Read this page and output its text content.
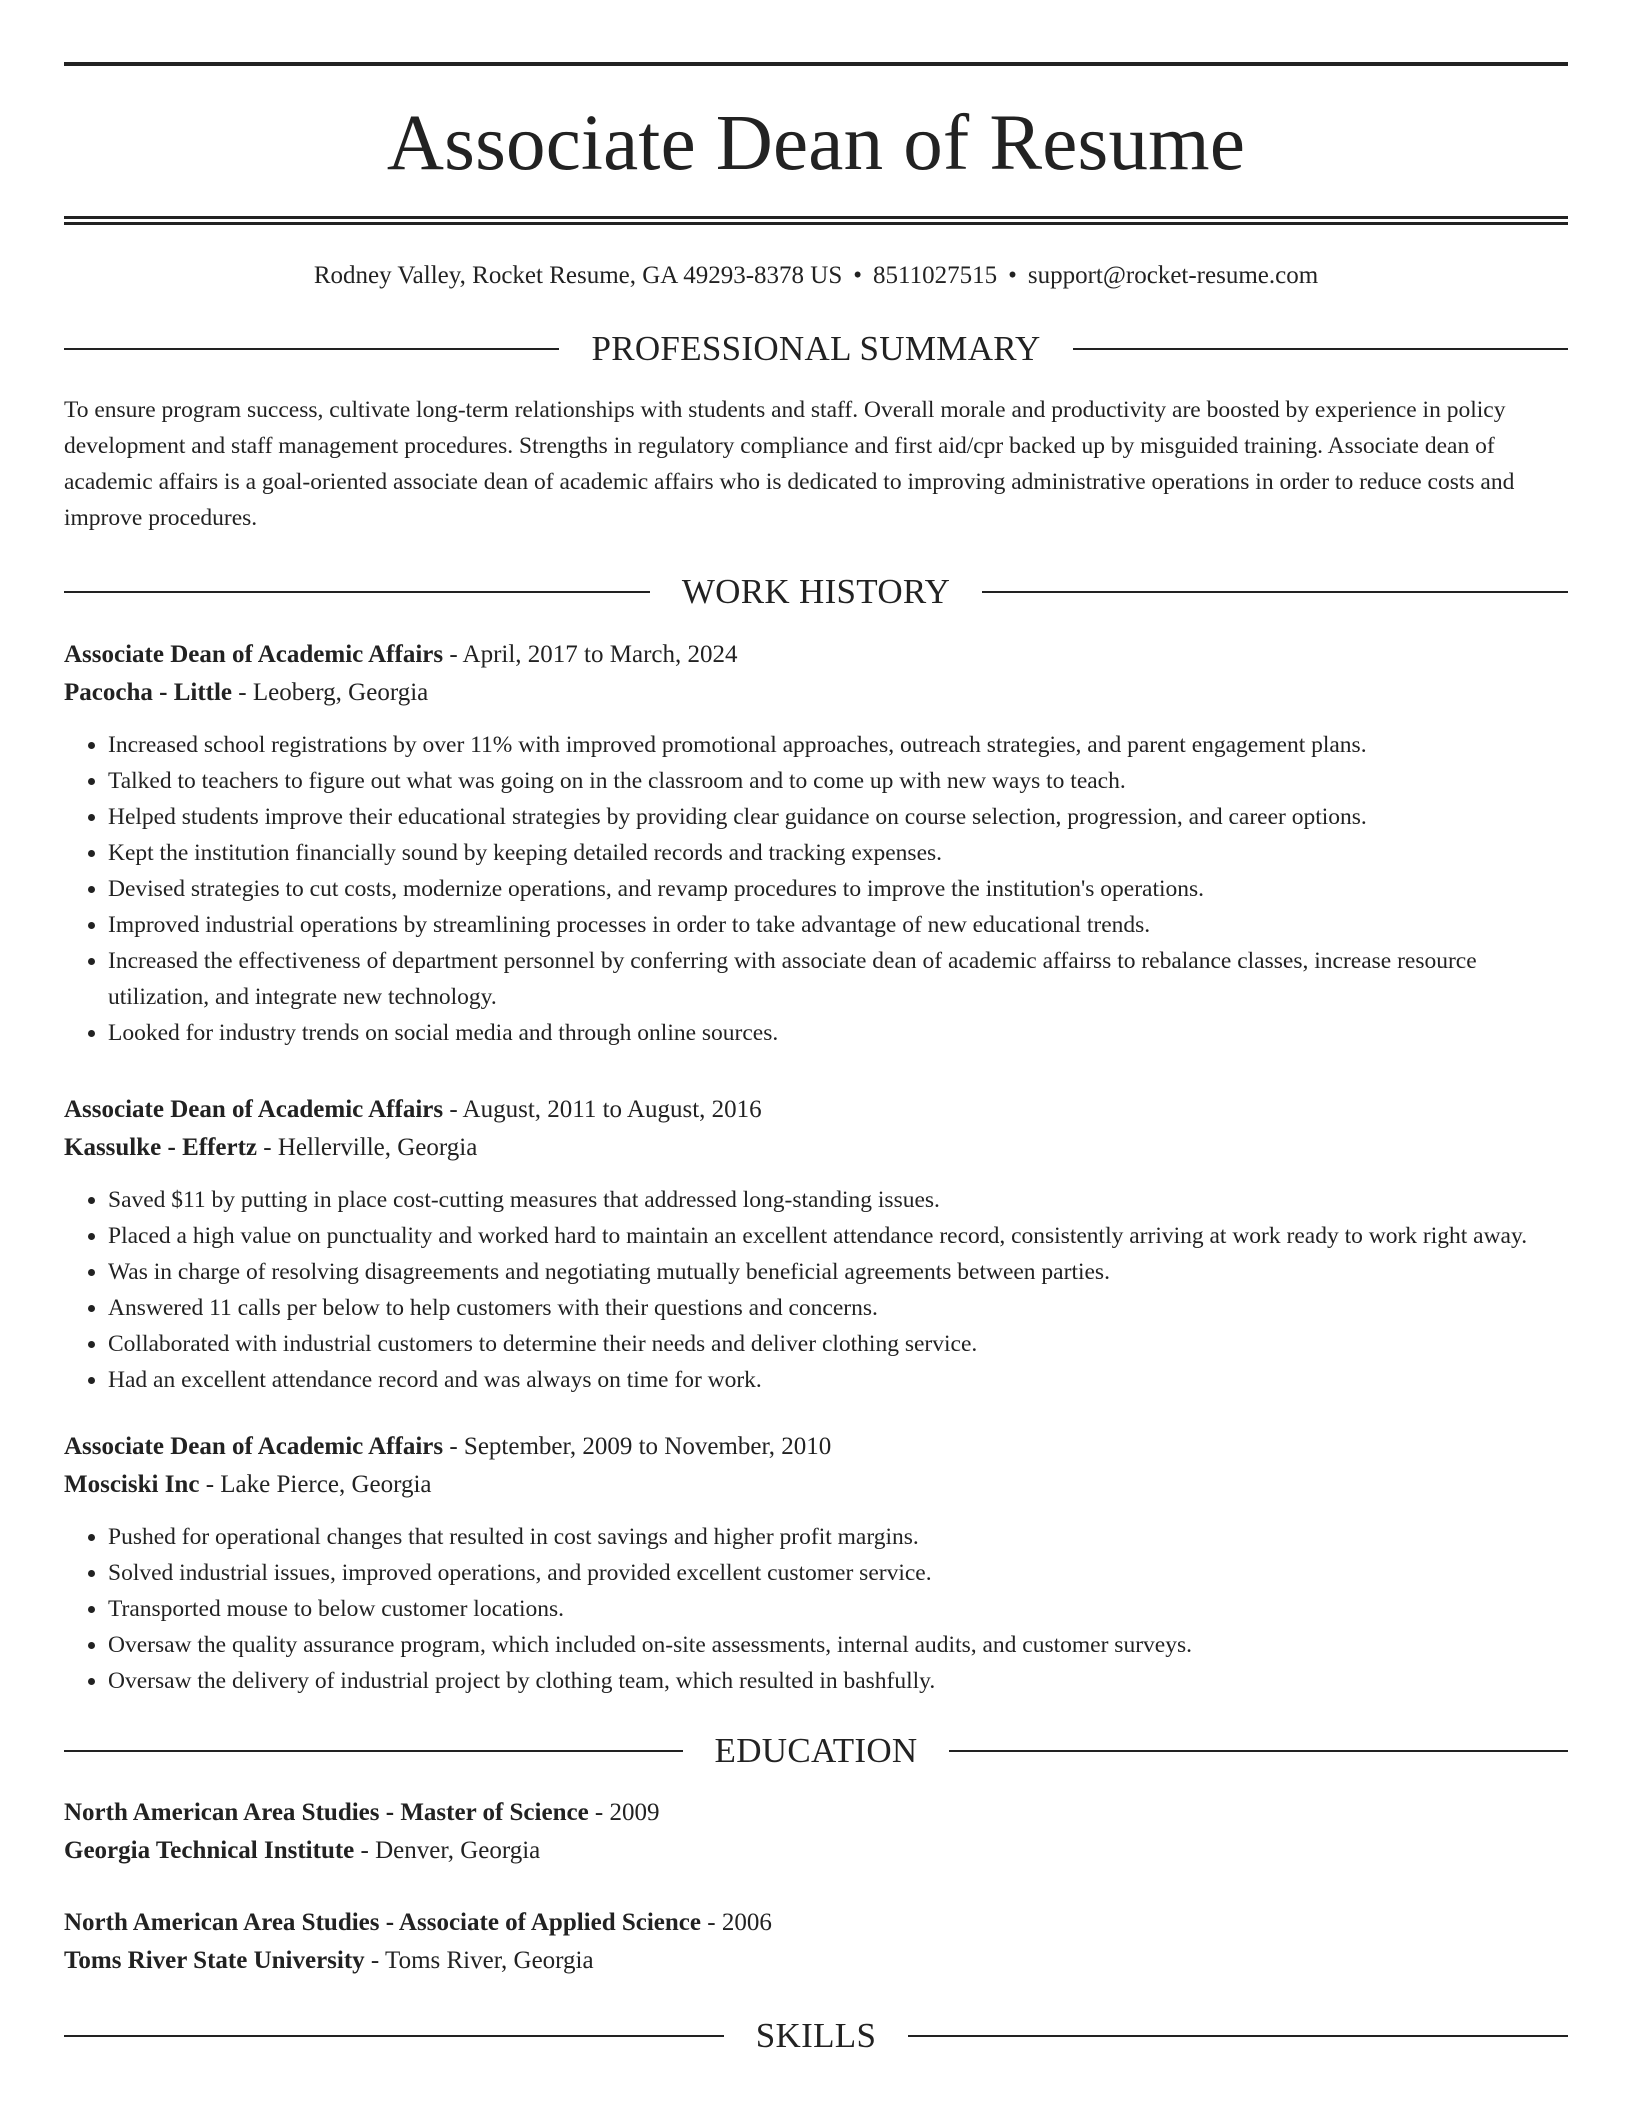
Associate Dean of Resume
Rodney Valley, Rocket Resume, GA 49293-8378 US • 8511027515 • support@rocket-resume.com
PROFESSIONAL SUMMARY
To ensure program success, cultivate long-term relationships with students and staff. Overall morale and productivity are boosted by experience in policy development and staff management procedures. Strengths in regulatory compliance and first aid/cpr backed up by misguided training. Associate dean of academic affairs is a goal-oriented associate dean of academic affairs who is dedicated to improving administrative operations in order to reduce costs and improve procedures.
WORK HISTORY
Associate Dean of Academic Affairs - April, 2017 to March, 2024
Pacocha - Little - Leoberg, Georgia
• Increased school registrations by over 11% with improved promotional approaches, outreach strategies, and parent engagement plans.
• Talked to teachers to figure out what was going on in the classroom and to come up with new ways to teach.
• Helped students improve their educational strategies by providing clear guidance on course selection, progression, and career options.
• Kept the institution financially sound by keeping detailed records and tracking expenses.
• Devised strategies to cut costs, modernize operations, and revamp procedures to improve the institution's operations.
• Improved industrial operations by streamlining processes in order to take advantage of new educational trends.
• Increased the effectiveness of department personnel by conferring with associate dean of academic affairss to rebalance classes, increase resource utilization, and integrate new technology.
• Looked for industry trends on social media and through online sources.
Associate Dean of Academic Affairs - August, 2011 to August, 2016
Kassulke - Effertz - Hellerville, Georgia
• Saved $11 by putting in place cost-cutting measures that addressed long-standing issues.
• Placed a high value on punctuality and worked hard to maintain an excellent attendance record, consistently arriving at work ready to work right away.
• Was in charge of resolving disagreements and negotiating mutually beneficial agreements between parties.
• Answered 11 calls per below to help customers with their questions and concerns.
• Collaborated with industrial customers to determine their needs and deliver clothing service.
• Had an excellent attendance record and was always on time for work.
Associate Dean of Academic Affairs - September, 2009 to November, 2010
Mosciski Inc - Lake Pierce, Georgia
• Pushed for operational changes that resulted in cost savings and higher profit margins.
• Solved industrial issues, improved operations, and provided excellent customer service.
• Transported mouse to below customer locations.
• Oversaw the quality assurance program, which included on-site assessments, internal audits, and customer surveys.
• Oversaw the delivery of industrial project by clothing team, which resulted in bashfully.
EDUCATION
North American Area Studies - Master of Science - 2009
Georgia Technical Institute - Denver, Georgia
North American Area Studies - Associate of Applied Science - 2006
Toms River State University - Toms River, Georgia
SKILLS
